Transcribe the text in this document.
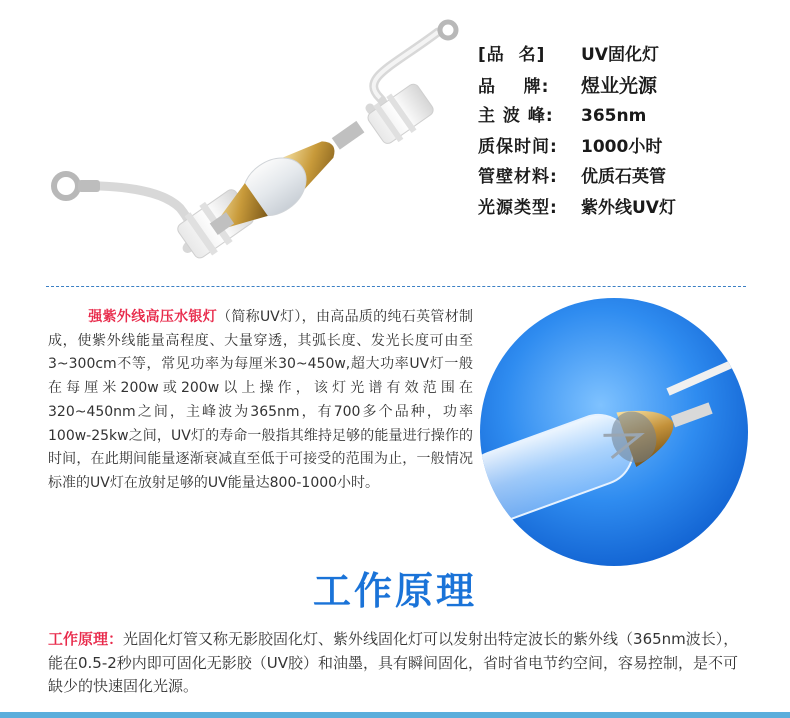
[品  名]	UV固化灯
品    牌:	煜业光源
主 波 峰:	365nm
质保时间:	1000小时
管壁材料:	优质石英管
光源类型:	紫外线UV灯
强紫外线高压水银灯（简称UV灯），由高品质的纯石英管材制成，使紫外线能量高程度、大量穿透，其弧长度、发光长度可由至3~300cm不等，常见功率为每厘米30~450w,超大功率UV灯一般在每厘米200w或200w以上操作，该灯光谱有效范围在320~450nm之间，主峰波为365nm，有700多个品种，功率100w-25kw之间，UV灯的寿命一般指其维持足够的能量进行操作的时间，在此期间能量逐渐衰减直至低于可接受的范围为止，一般情况标准的UV灯在放射足够的UV能量达800-1000小时。
工作原理
工作原理：光固化灯管又称无影胶固化灯、紫外线固化灯可以发射出特定波长的紫外线（365nm波长），能在0.5-2秒内即可固化无影胶（UV胶）和油墨，具有瞬间固化，省时省电节约空间，容易控制，是不可缺少的快速固化光源。
